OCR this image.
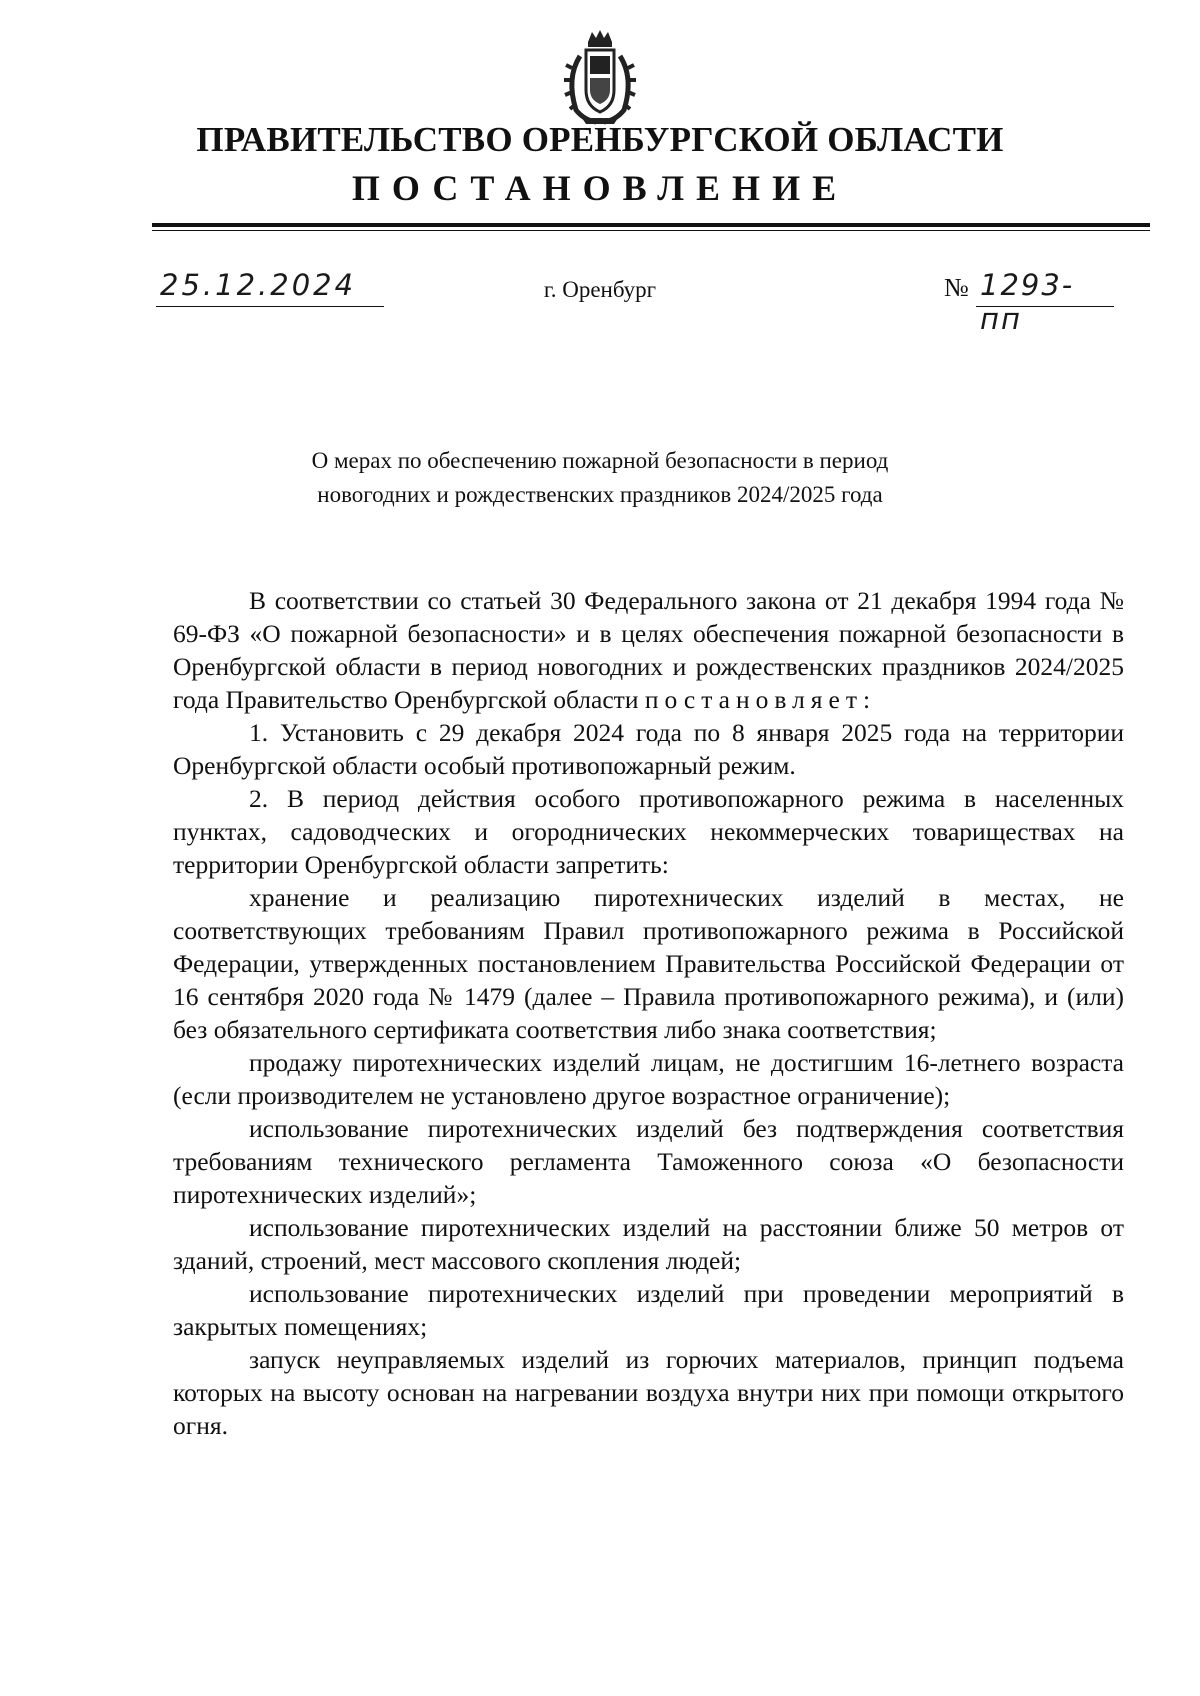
ПРАВИТЕЛЬСТВО ОРЕНБУРГСКОЙ ОБЛАСТИ
ПОСТАНОВЛЕНИЕ
25.12.2024	г. Оренбург	№ 1293-пп
О мерах по обеспечению пожарной безопасности в период
новогодних и рождественских праздников 2024/2025 года

В соответствии со статьей 30 Федерального закона от 21 декабря 1994 года № 69-ФЗ «О пожарной безопасности» и в целях обеспечения пожарной безопасности в Оренбургской области в период новогодних и рождественских праздников 2024/2025 года Правительство Оренбургской области постановляет:

1. Установить с 29 декабря 2024 года по 8 января 2025 года на территории Оренбургской области особый противопожарный режим.

2. В период действия особого противопожарного режима в населенных пунктах, садоводческих и огороднических некоммерческих товариществах на территории Оренбургской области запретить:

хранение и реализацию пиротехнических изделий в местах, не соответствующих требованиям Правил противопожарного режима в Российской Федерации, утвержденных постановлением Правительства Российской Федерации от 16 сентября 2020 года № 1479 (далее – Правила противопожарного режима), и (или) без обязательного сертификата соответствия либо знака соответствия;

продажу пиротехнических изделий лицам, не достигшим 16-летнего возраста (если производителем не установлено другое возрастное ограничение);

использование пиротехнических изделий без подтверждения соответствия требованиям технического регламента Таможенного союза «О безопасности пиротехнических изделий»;

использование пиротехнических изделий на расстоянии ближе 50 метров от зданий, строений, мест массового скопления людей;

использование пиротехнических изделий при проведении мероприятий в закрытых помещениях;

запуск неуправляемых изделий из горючих материалов, принцип подъема которых на высоту основан на нагревании воздуха внутри них при помощи открытого огня.
